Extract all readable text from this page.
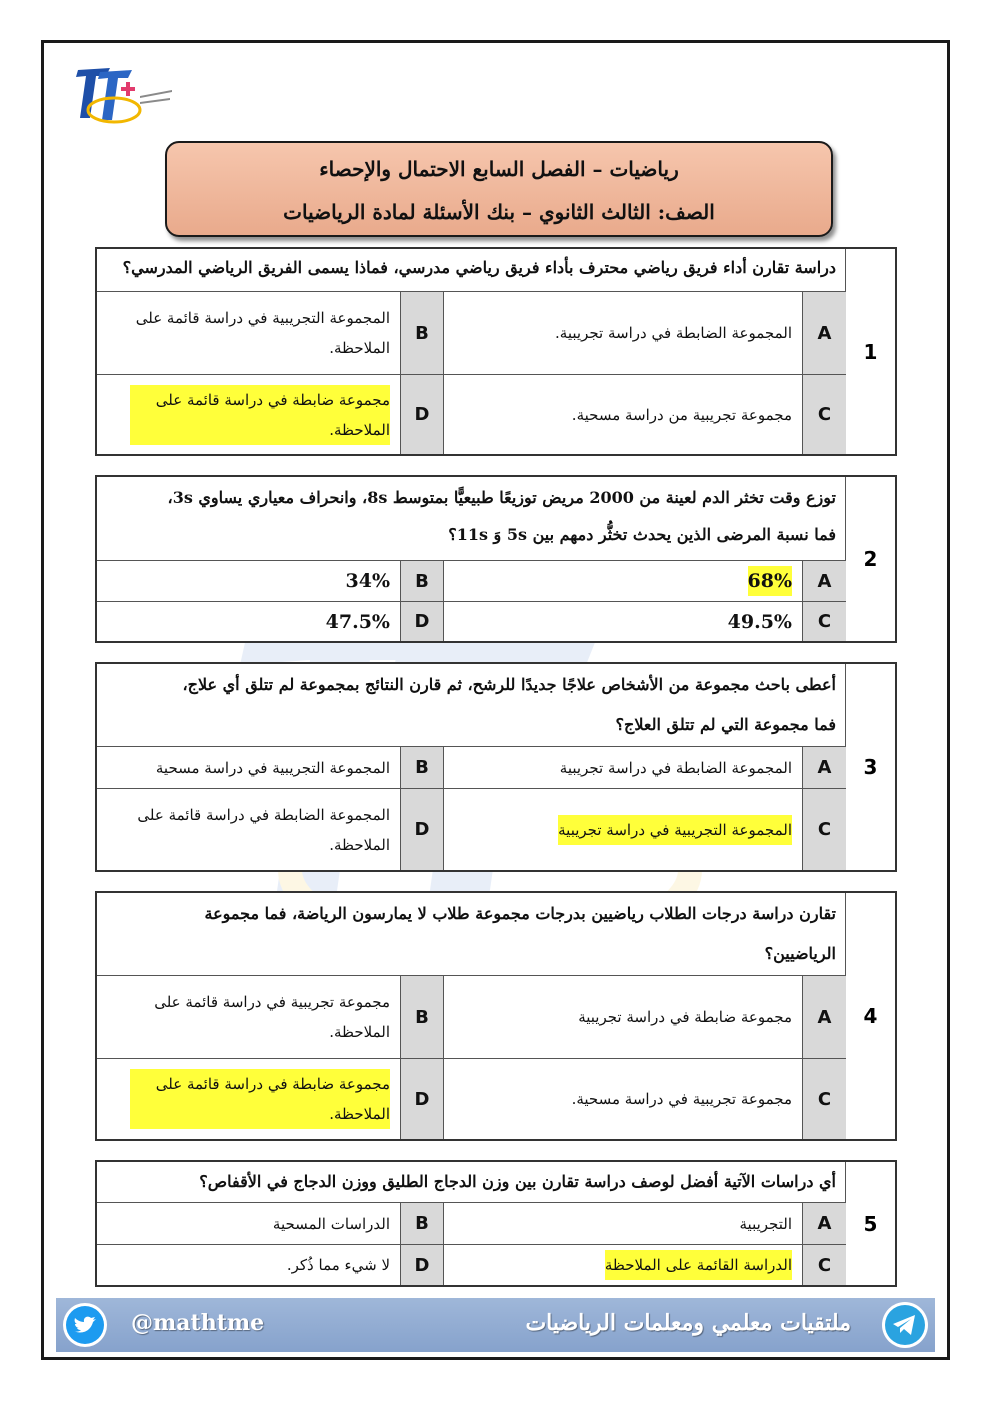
رياضيات – الفصل السابع الاحتمال والإحصاء
الصف: الثالث الثانوي – بنك الأسئلة لمادة الرياضيات
1
دراسة تقارن أداء فريق رياضي محترف بأداء فريق رياضي مدرسي، فماذا يسمى الفريق الرياضي المدرسي؟
A
المجموعة الضابطة في دراسة تجريبية.
B
المجموعة التجريبية في دراسة قائمة على الملاحظة.
C
مجموعة تجريبية من دراسة مسحية.
D
مجموعة ضابطة في دراسة قائمة على الملاحظة.
2
توزع وقت تخثر الدم لعينة من 2000 مريض توزيعًا طبيعيًّا بمتوسط 8s، وانحراف معياري يساوي 3s،
فما نسبة المرضى الذين يحدث تخثُّر دمهم بين 5s وَ 11s؟
A
68%
B
34%
C
49.5%
D
47.5%
3
أعطى باحث مجموعة من الأشخاص علاجًا جديدًا للرشح، ثم قارن النتائج بمجموعة لم تتلق أي علاج،
فما مجموعة التي لم تتلق العلاج؟
A
المجموعة الضابطة في دراسة تجريبية
B
المجموعة التجريبية في دراسة مسحية
C
المجموعة التجريبية في دراسة تجريبية
D
المجموعة الضابطة في دراسة قائمة على الملاحظة.
4
تقارن دراسة درجات الطلاب رياضيين بدرجات مجموعة طلاب لا يمارسون الرياضة، فما مجموعة
الرياضيين؟
A
مجموعة ضابطة في دراسة تجريبية
B
مجموعة تجريبية في دراسة قائمة على الملاحظة.
C
مجموعة تجريبية في دراسة مسحية.
D
مجموعة ضابطة في دراسة قائمة على الملاحظة.
5
أي دراسات الآتية أفضل لوصف دراسة تقارن بين وزن الدجاج الطليق ووزن الدجاج في الأقفاص؟
A
التجريبية
B
الدراسات المسحية
C
الدراسة القائمة على الملاحظة
D
لا شيء مما ذُكر.
@mathtme	ملتقيات معلمي ومعلمات الرياضيات
